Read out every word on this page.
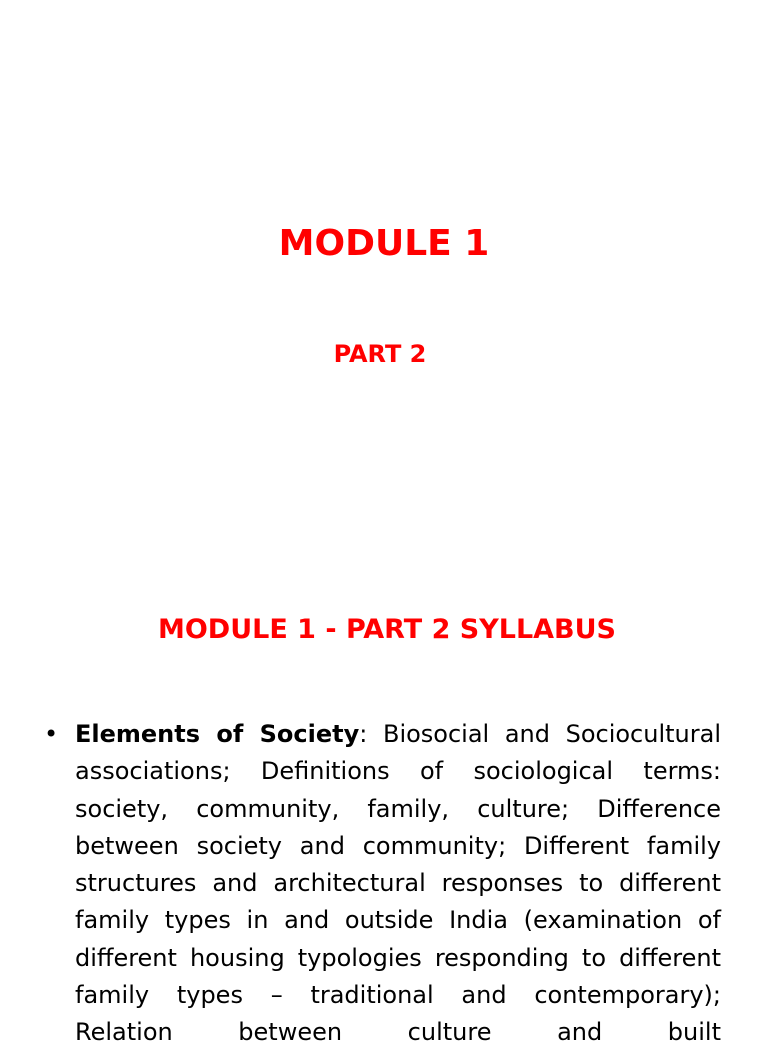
MODULE 1
PART 2
MODULE 1 - PART 2 SYLLABUS
• Elements of Society: Biosocial and Sociocultural associations; Definitions of sociological terms: society, community, family, culture; Difference between society and community; Different family structures and architectural responses to different family types in and outside India (examination of different housing typologies responding to different family types – traditional and contemporary); Relation between culture and built
